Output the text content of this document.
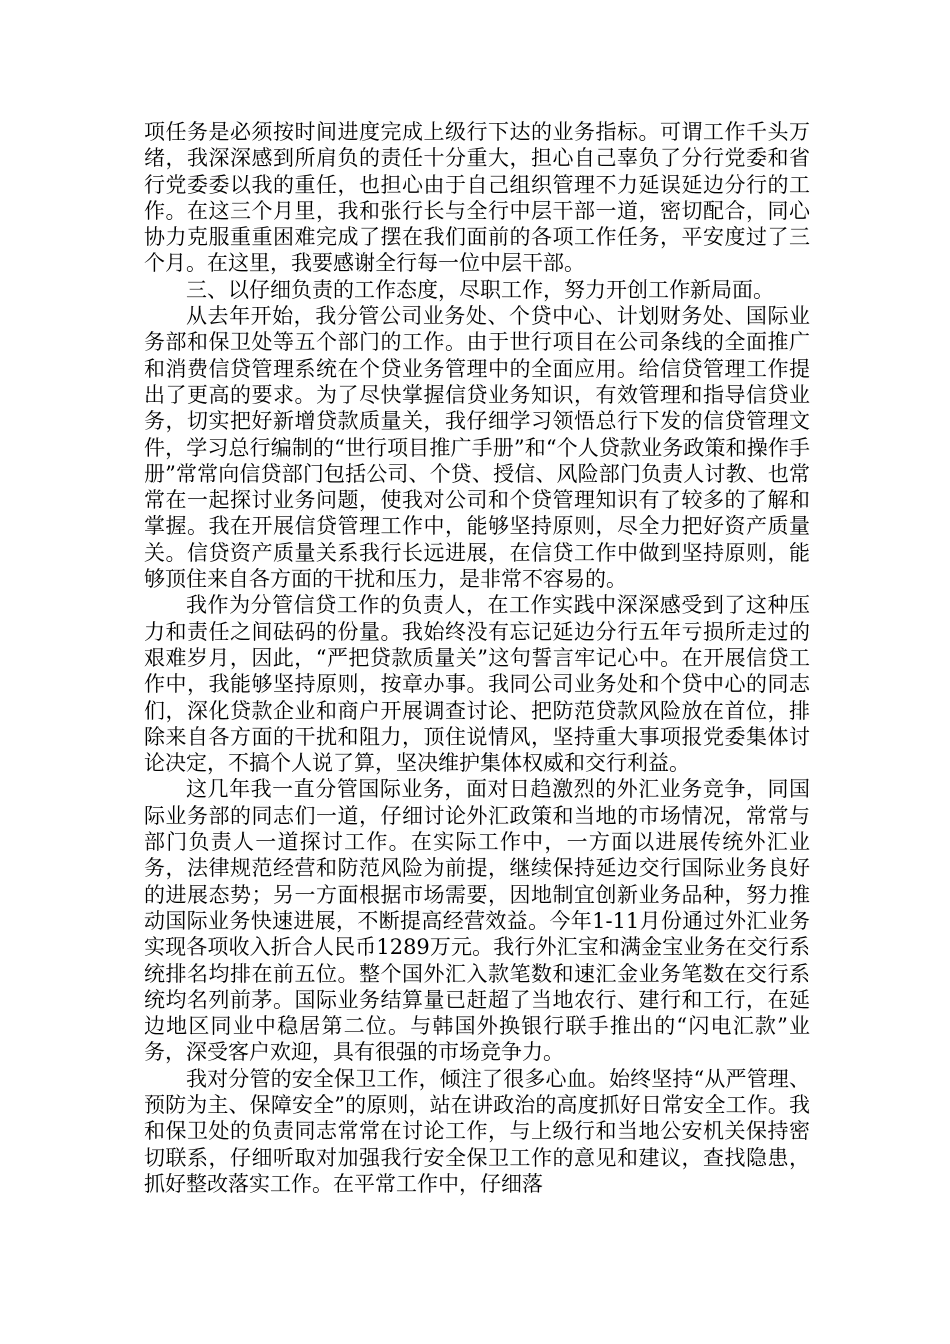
项任务是必须按时间进度完成上级行下达的业务指标。可谓工作千头万绪，我深深感到所肩负的责任十分重大，担心自己辜负了分行党委和省行党委委以我的重任，也担心由于自己组织管理不力延误延边分行的工作。在这三个月里，我和张行长与全行中层干部一道，密切配合，同心协力克服重重困难完成了摆在我们面前的各项工作任务，平安度过了三个月。在这里，我要感谢全行每一位中层干部。

三、以仔细负责的工作态度，尽职工作，努力开创工作新局面。

从去年开始，我分管公司业务处、个贷中心、计划财务处、国际业务部和保卫处等五个部门的工作。由于世行项目在公司条线的全面推广和消费信贷管理系统在个贷业务管理中的全面应用。给信贷管理工作提出了更高的要求。为了尽快掌握信贷业务知识，有效管理和指导信贷业务，切实把好新增贷款质量关，我仔细学习领悟总行下发的信贷管理文件，学习总行编制的“世行项目推广手册”和“个人贷款业务政策和操作手册”常常向信贷部门包括公司、个贷、授信、风险部门负责人讨教、也常常在一起探讨业务问题，使我对公司和个贷管理知识有了较多的了解和掌握。我在开展信贷管理工作中，能够坚持原则，尽全力把好资产质量关。信贷资产质量关系我行长远进展，在信贷工作中做到坚持原则，能够顶住来自各方面的干扰和压力，是非常不容易的。

我作为分管信贷工作的负责人，在工作实践中深深感受到了这种压力和责任之间砝码的份量。我始终没有忘记延边分行五年亏损所走过的艰难岁月，因此，“严把贷款质量关”这句誓言牢记心中。在开展信贷工作中，我能够坚持原则，按章办事。我同公司业务处和个贷中心的同志们，深化贷款企业和商户开展调查讨论、把防范贷款风险放在首位，排除来自各方面的干扰和阻力，顶住说情风，坚持重大事项报党委集体讨论决定，不搞个人说了算，坚决维护集体权威和交行利益。

这几年我一直分管国际业务，面对日趋激烈的外汇业务竞争，同国际业务部的同志们一道，仔细讨论外汇政策和当地的市场情况，常常与部门负责人一道探讨工作。在实际工作中，一方面以进展传统外汇业务，法律规范经营和防范风险为前提，继续保持延边交行国际业务良好的进展态势；另一方面根据市场需要，因地制宜创新业务品种，努力推动国际业务快速进展，不断提高经营效益。今年1-11月份通过外汇业务实现各项收入折合人民币1289万元。我行外汇宝和满金宝业务在交行系统排名均排在前五位。整个国外汇入款笔数和速汇金业务笔数在交行系统均名列前茅。国际业务结算量已赶超了当地农行、建行和工行，在延边地区同业中稳居第二位。与韩国外换银行联手推出的“闪电汇款”业务，深受客户欢迎，具有很强的市场竞争力。

我对分管的安全保卫工作，倾注了很多心血。始终坚持“从严管理、预防为主、保障安全”的原则，站在讲政治的高度抓好日常安全工作。我和保卫处的负责同志常常在讨论工作，与上级行和当地公安机关保持密切联系，仔细听取对加强我行安全保卫工作的意见和建议，查找隐患，抓好整改落实工作。在平常工作中，仔细落
